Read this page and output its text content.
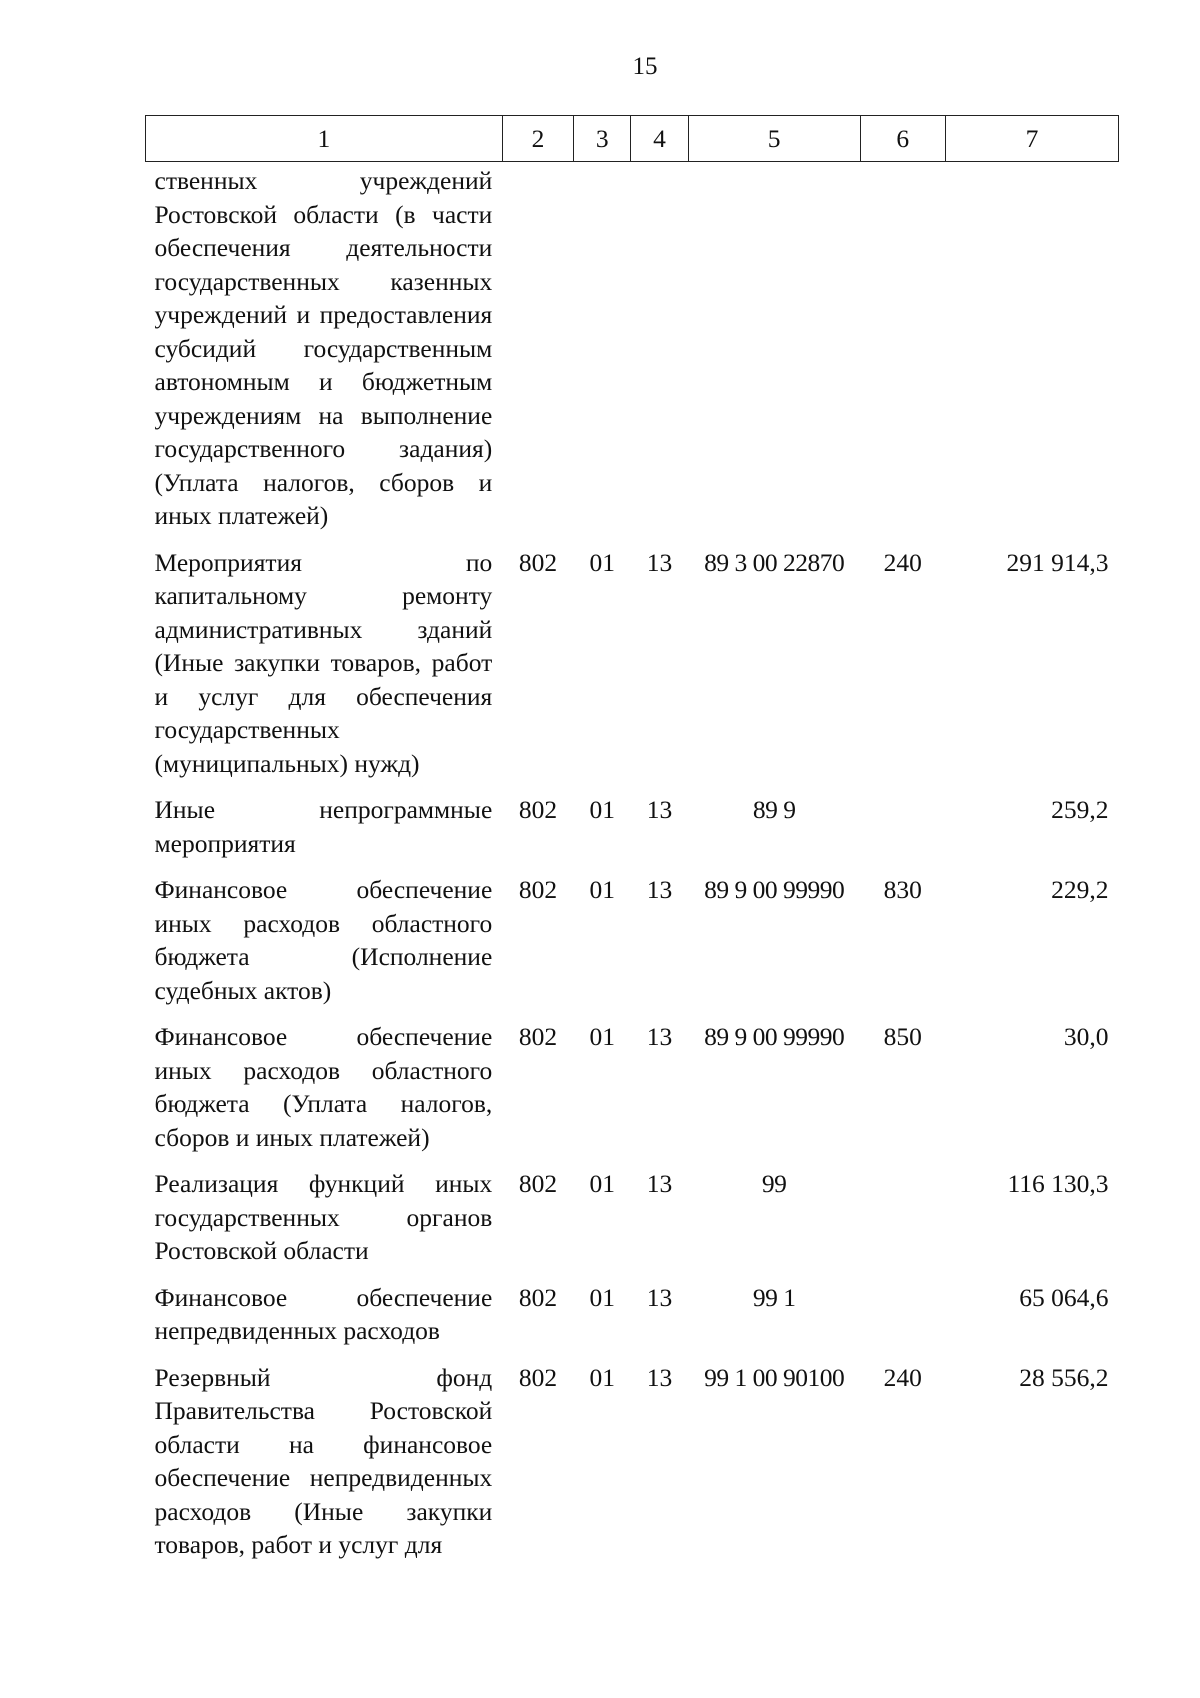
15
1	2	3	4	5	6	7
ственных учреждений Ростовской области (в части обеспечения деятельности государственных казенных учреждений и предоставления субсидий государственным автономным и бюджетным учреждениям на выполнение государственного задания) (Уплата налогов, сборов и иных платежей)						
Мероприятия по капитальному ремонту административных зданий (Иные закупки товаров, работ и услуг для обеспечения государственных (муниципальных) нужд)	802	01	13	89 3 00 22870	240	291 914,3
Иные непрограммные мероприятия	802	01	13	89 9		259,2
Финансовое обеспечение иных расходов областного бюджета (Исполнение судебных актов)	802	01	13	89 9 00 99990	830	229,2
Финансовое обеспечение иных расходов областного бюджета (Уплата налогов, сборов и иных платежей)	802	01	13	89 9 00 99990	850	30,0
Реализация функций иных государственных органов Ростовской области	802	01	13	99		116 130,3
Финансовое обеспечение непредвиденных расходов	802	01	13	99 1		65 064,6
Резервный фонд Правительства Ростовской области на финансовое обеспечение непредвиденных расходов (Иные закупки товаров, работ и услуг для	802	01	13	99 1 00 90100	240	28 556,2
